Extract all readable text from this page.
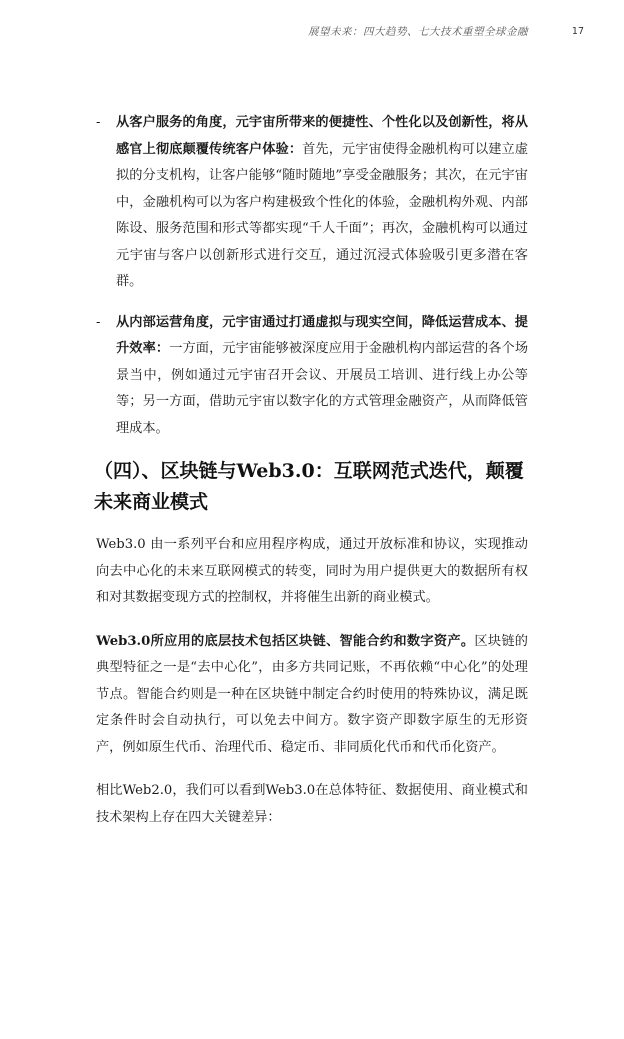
展望未来：四大趋势、七大技术重塑全球金融	17
- 从客户服务的角度，元宇宙所带来的便捷性、个性化以及创新性，将从感官上彻底颠覆传统客户体验：首先，元宇宙使得金融机构可以建立虚拟的分支机构，让客户能够“随时随地”享受金融服务；其次，在元宇宙中，金融机构可以为客户构建极致个性化的体验，金融机构外观、内部陈设、服务范围和形式等都实现“千人千面”；再次，金融机构可以通过元宇宙与客户以创新形式进行交互，通过沉浸式体验吸引更多潜在客群。
- 从内部运营角度，元宇宙通过打通虚拟与现实空间，降低运营成本、提升效率：一方面，元宇宙能够被深度应用于金融机构内部运营的各个场景当中，例如通过元宇宙召开会议、开展员工培训、进行线上办公等等；另一方面，借助元宇宙以数字化的方式管理金融资产，从而降低管理成本。
（四）、区块链与Web3.0：互联网范式迭代，颠覆未来商业模式

Web3.0 由一系列平台和应用程序构成，通过开放标准和协议，实现推动向去中心化的未来互联网模式的转变，同时为用户提供更大的数据所有权和对其数据变现方式的控制权，并将催生出新的商业模式。

Web3.0所应用的底层技术包括区块链、智能合约和数字资产。区块链的典型特征之一是“去中心化”，由多方共同记账，不再依赖“中心化”的处理节点。智能合约则是一种在区块链中制定合约时使用的特殊协议，满足既定条件时会自动执行，可以免去中间方。数字资产即数字原生的无形资产，例如原生代币、治理代币、稳定币、非同质化代币和代币化资产。

相比Web2.0，我们可以看到Web3.0在总体特征、数据使用、商业模式和技术架构上存在四大关键差异：
